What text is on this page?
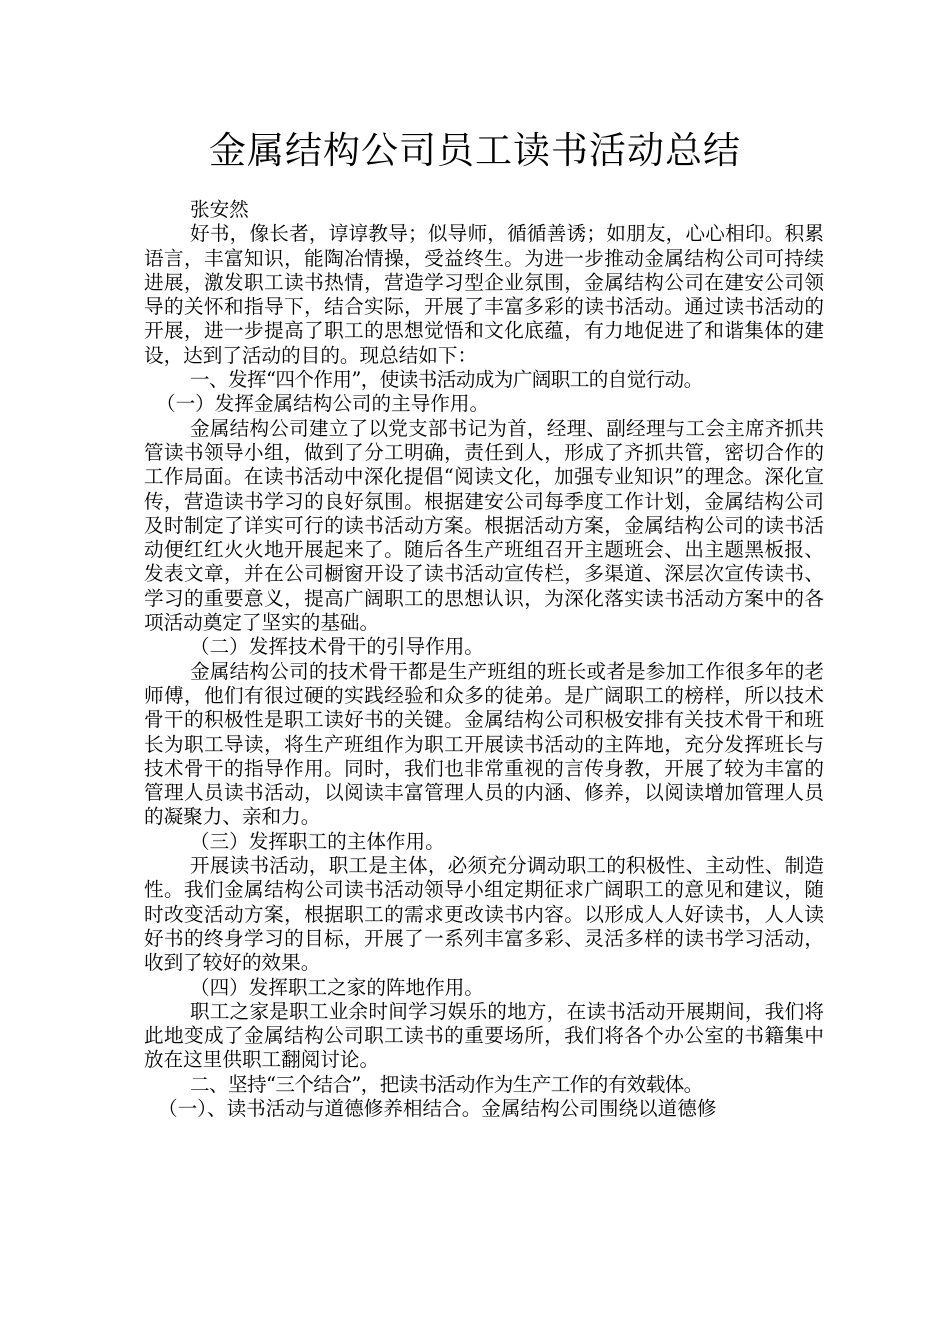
金属结构公司员工读书活动总结

张安然

好书，像长者，谆谆教导；似导师，循循善诱；如朋友，心心相印。积累语言，丰富知识，能陶冶情操，受益终生。为进一步推动金属结构公司可持续进展，激发职工读书热情，营造学习型企业氛围，金属结构公司在建安公司领导的关怀和指导下，结合实际，开展了丰富多彩的读书活动。通过读书活动的开展，进一步提高了职工的思想觉悟和文化底蕴，有力地促进了和谐集体的建设，达到了活动的目的。现总结如下：

一、发挥“四个作用”，使读书活动成为广阔职工的自觉行动。

（一）发挥金属结构公司的主导作用。

金属结构公司建立了以党支部书记为首，经理、副经理与工会主席齐抓共管读书领导小组，做到了分工明确，责任到人，形成了齐抓共管，密切合作的工作局面。在读书活动中深化提倡“阅读文化，加强专业知识”的理念。深化宣传，营造读书学习的良好氛围。根据建安公司每季度工作计划，金属结构公司及时制定了详实可行的读书活动方案。根据活动方案，金属结构公司的读书活动便红红火火地开展起来了。随后各生产班组召开主题班会、出主题黑板报、发表文章，并在公司橱窗开设了读书活动宣传栏，多渠道、深层次宣传读书、学习的重要意义，提高广阔职工的思想认识，为深化落实读书活动方案中的各项活动奠定了坚实的基础。

（二）发挥技术骨干的引导作用。

金属结构公司的技术骨干都是生产班组的班长或者是参加工作很多年的老师傅，他们有很过硬的实践经验和众多的徒弟。是广阔职工的榜样，所以技术骨干的积极性是职工读好书的关键。金属结构公司积极安排有关技术骨干和班长为职工导读，将生产班组作为职工开展读书活动的主阵地，充分发挥班长与技术骨干的指导作用。同时，我们也非常重视的言传身教，开展了较为丰富的管理人员读书活动，以阅读丰富管理人员的内涵、修养，以阅读增加管理人员的凝聚力、亲和力。

（三）发挥职工的主体作用。

开展读书活动，职工是主体，必须充分调动职工的积极性、主动性、制造性。我们金属结构公司读书活动领导小组定期征求广阔职工的意见和建议，随时改变活动方案，根据职工的需求更改读书内容。以形成人人好读书，人人读好书的终身学习的目标，开展了一系列丰富多彩、灵活多样的读书学习活动，收到了较好的效果。

（四）发挥职工之家的阵地作用。

职工之家是职工业余时间学习娱乐的地方，在读书活动开展期间，我们将此地变成了金属结构公司职工读书的重要场所，我们将各个办公室的书籍集中放在这里供职工翻阅讨论。

二、坚持“三个结合”，把读书活动作为生产工作的有效载体。

（一）、读书活动与道德修养相结合。金属结构公司围绕以道德修
